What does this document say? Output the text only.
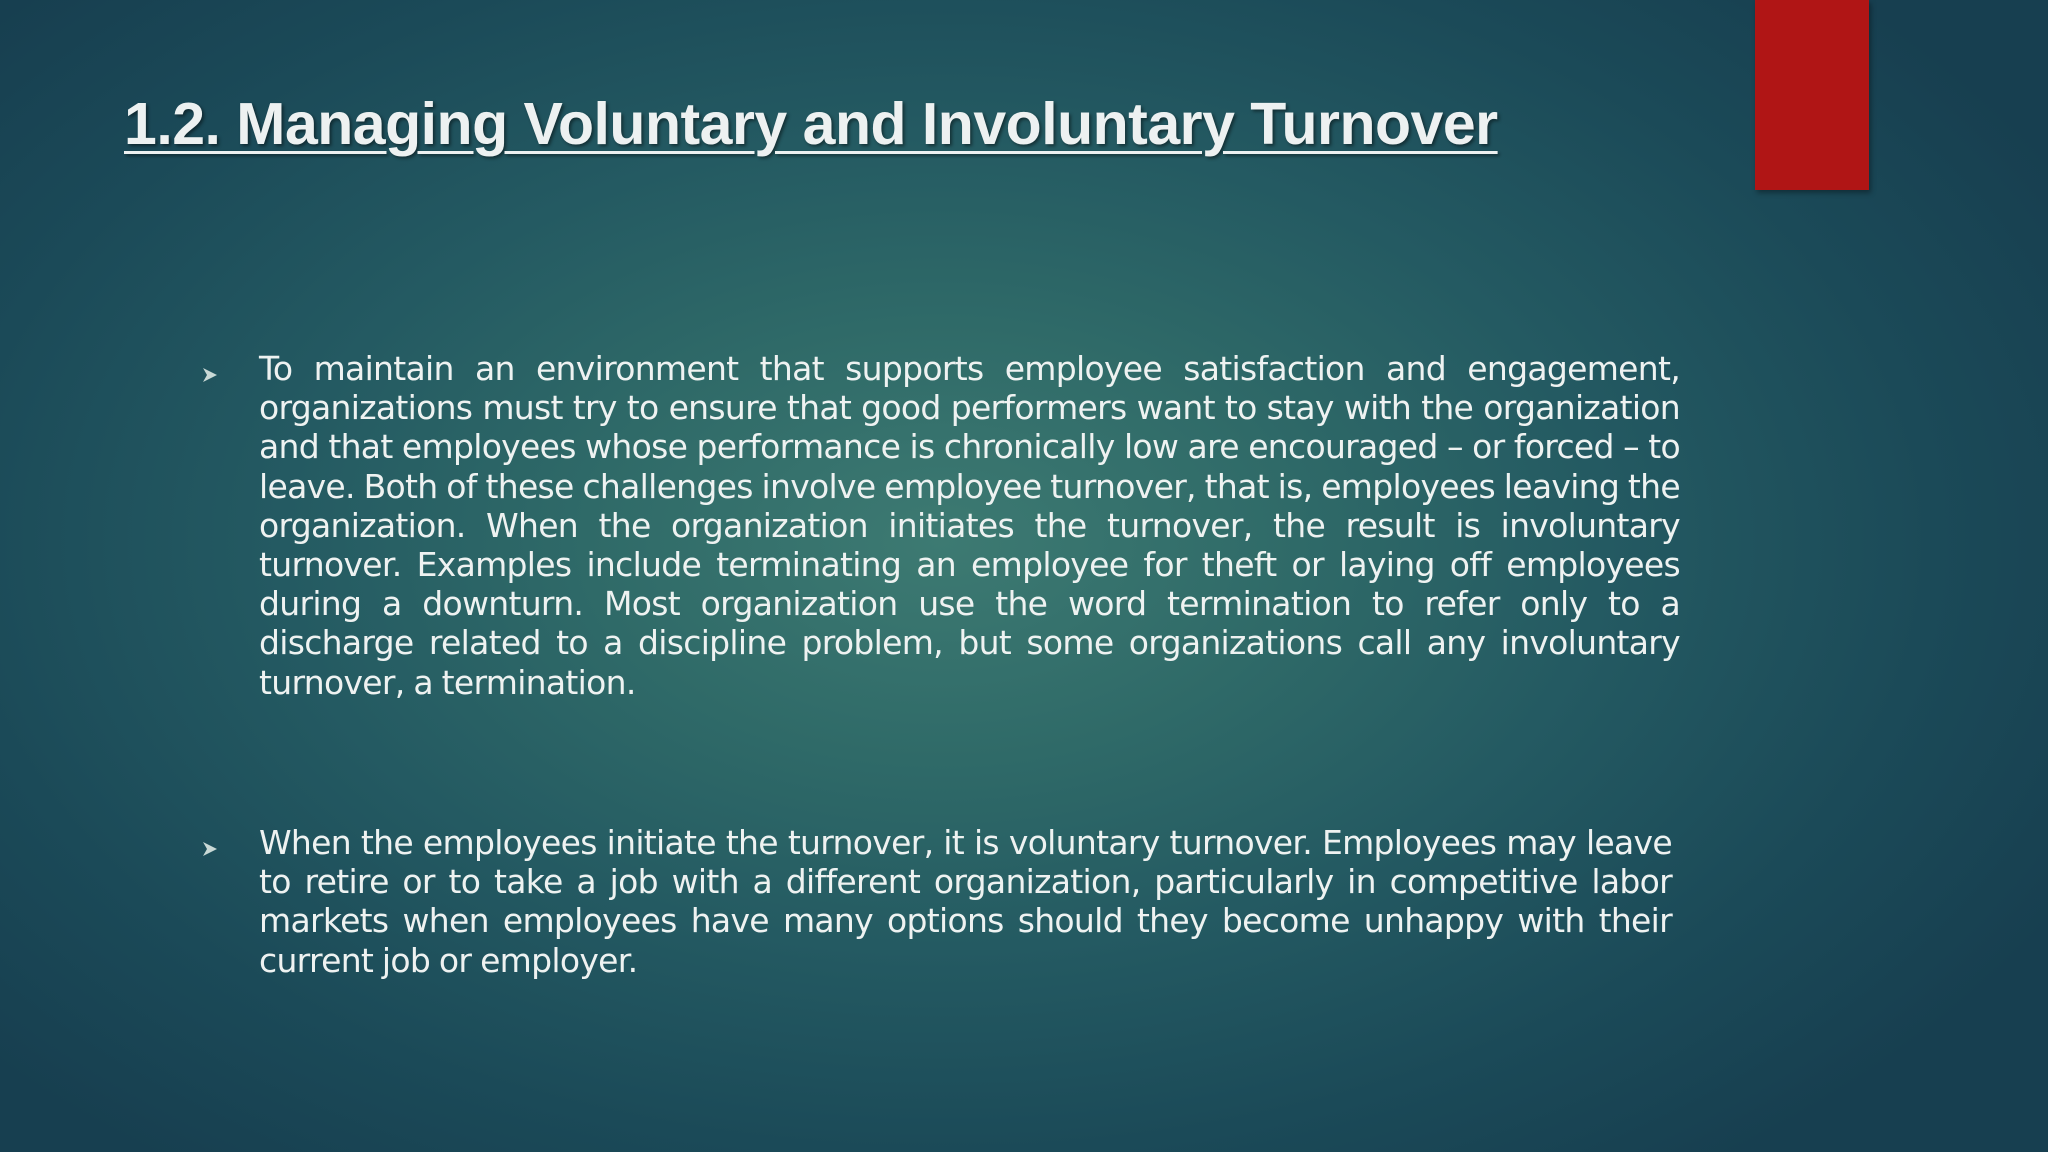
1.2. Managing Voluntary and Involuntary Turnover

To maintain an environment that supports employee satisfaction and engagement, organizations must try to ensure that good performers want to stay with the organization and that employees whose performance is chronically low are encouraged – or forced – to leave. Both of these challenges involve employee turnover, that is, employees leaving the organization. When the organization initiates the turnover, the result is involuntary turnover. Examples include terminating an employee for theft or laying off employees during a downturn. Most organization use the word termination to refer only to a discharge related to a discipline problem, but some organizations call any involuntary turnover, a termination.

When the employees initiate the turnover, it is voluntary turnover. Employees may leave to retire or to take a job with a different organization, particularly in competitive labor markets when employees have many options should they become unhappy with their current job or employer.
